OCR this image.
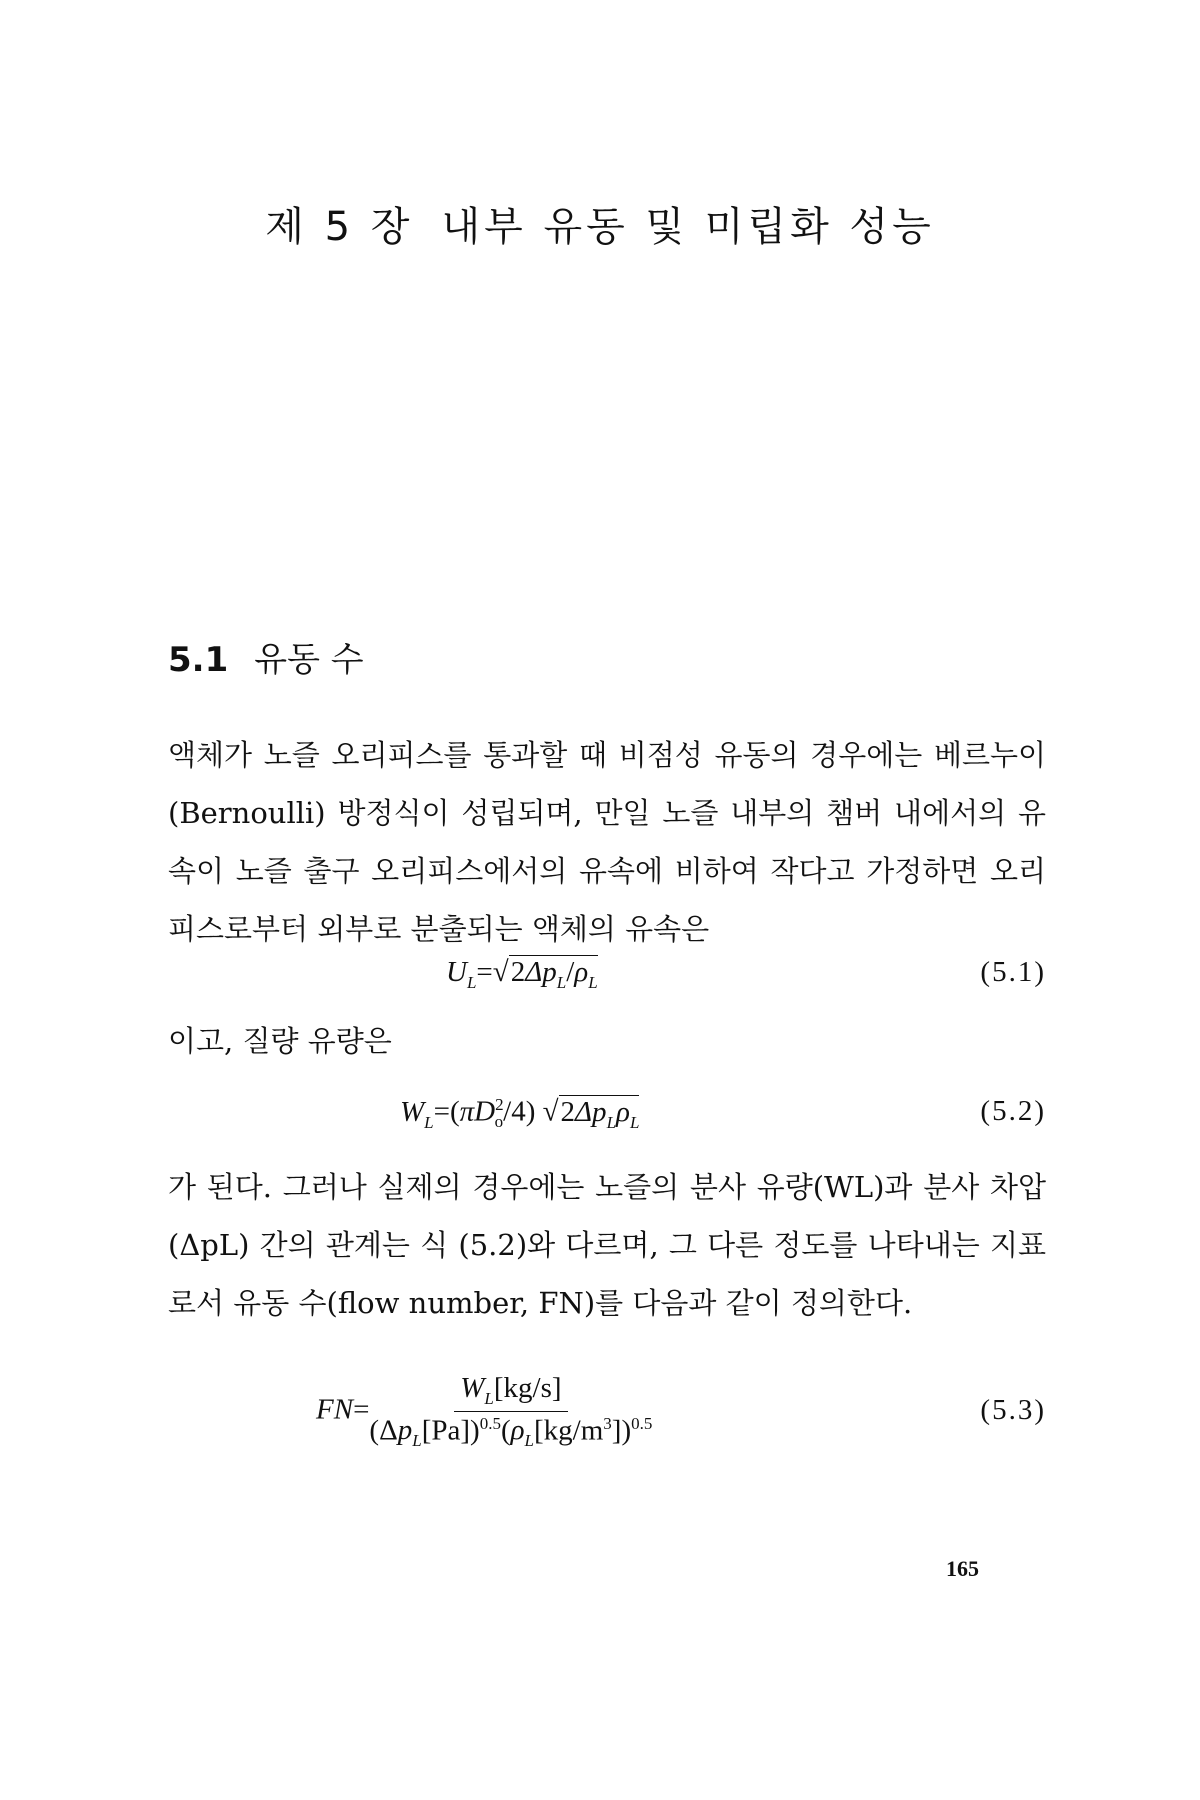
제 5 장 내부 유동 및 미립화 성능
5.1 유동 수
액체가 노즐 오리피스를 통과할 때 비점성 유동의 경우에는 베르누이(Bernoulli) 방정식이 성립되며, 만일 노즐 내부의 챔버 내에서의 유속이 노즐 출구 오리피스에서의 유속에 비하여 작다고 가정하면 오리피스로부터 외부로 분출되는 액체의 유속은
$U_L=√2\Delta p_L/\rho_L$	(5.1)
이고, 질량 유량은
$W_L=(\pi D^2_o/4)$ $√2\Delta p_L\rho_L$	(5.2)
가 된다. 그러나 실제의 경우에는 노즐의 분사 유량(WL)과 분사 차압(ΔpL) 간의 관계는 식 (5.2)와 다르며, 그 다른 정도를 나타내는 지표로서 유동 수(flow number, FN)를 다음과 같이 정의한다.
$FN= \frac{W_L[kg/s]}{(\Delta p_L[Pa])^{0.5}(\rho_L[kg/m^3])^{0.5}}$	(5.3)
165
